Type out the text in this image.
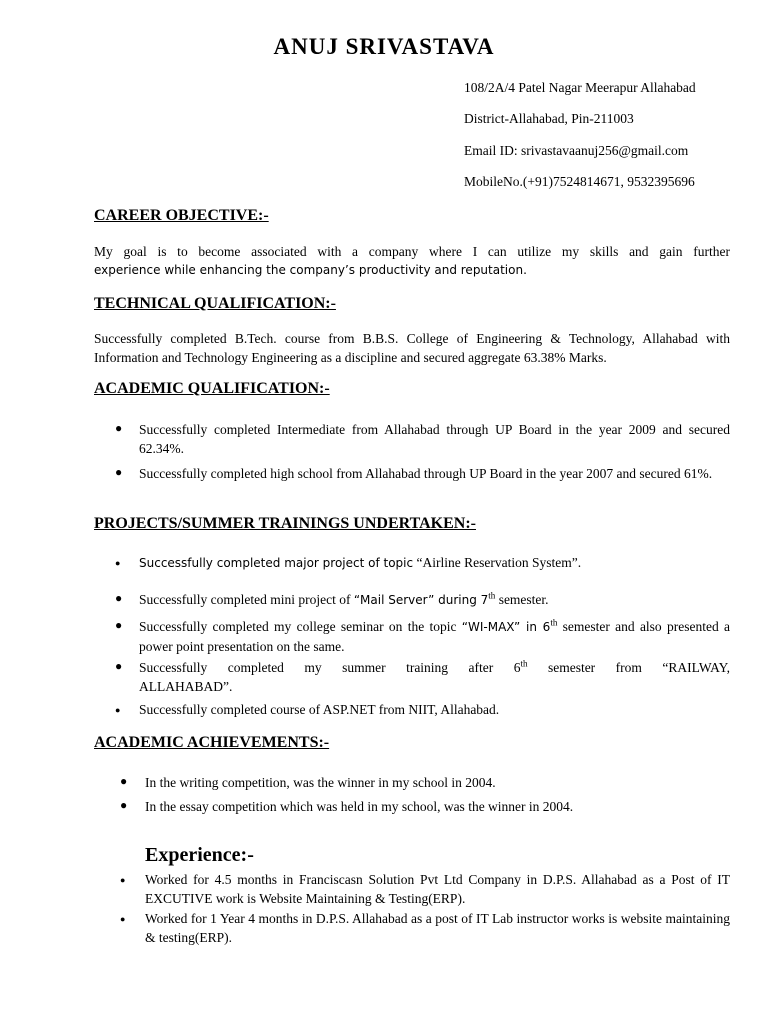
ANUJ SRIVASTAVA
108/2A/4 Patel Nagar Meerapur Allahabad
District-Allahabad, Pin-211003
Email ID: srivastavaanuj256@gmail.com
MobileNo.(+91)7524814671, 9532395696
CAREER OBJECTIVE:-
My goal is to become associated with a company where I can utilize my skills and gain further
experience while enhancing the company’s productivity and reputation.
TECHNICAL QUALIFICATION:-
Successfully completed B.Tech. course from B.B.S. College of Engineering & Technology, Allahabad with Information and Technology Engineering as a discipline and secured aggregate 63.38% Marks.
ACADEMIC QUALIFICATION:-
● Successfully completed Intermediate from Allahabad through UP Board in the year 2009 and secured 62.34%.
● Successfully completed high school from Allahabad through UP Board in the year 2007 and secured 61%.
PROJECTS/SUMMER TRAININGS UNDERTAKEN:-
● Successfully completed major project of topic “Airline Reservation System”.
● Successfully completed mini project of “Mail Server” during 7th semester.
● Successfully completed my college seminar on the topic “WI-MAX” in 6th semester and also presented a power point presentation on the same.
● Successfully completed my summer training after 6th semester from “RAILWAY,
ALLAHABAD”.
● Successfully completed course of ASP.NET from NIIT, Allahabad.
ACADEMIC ACHIEVEMENTS:-
● In the writing competition, was the winner in my school in 2004.
● In the essay competition which was held in my school, was the winner in 2004.
Experience:-
● Worked for 4.5 months in Franciscasn Solution Pvt Ltd Company in D.P.S. Allahabad as a Post of IT EXCUTIVE work is Website Maintaining & Testing(ERP).
● Worked for 1 Year 4 months in D.P.S. Allahabad as a post of IT Lab instructor works is website maintaining & testing(ERP).
